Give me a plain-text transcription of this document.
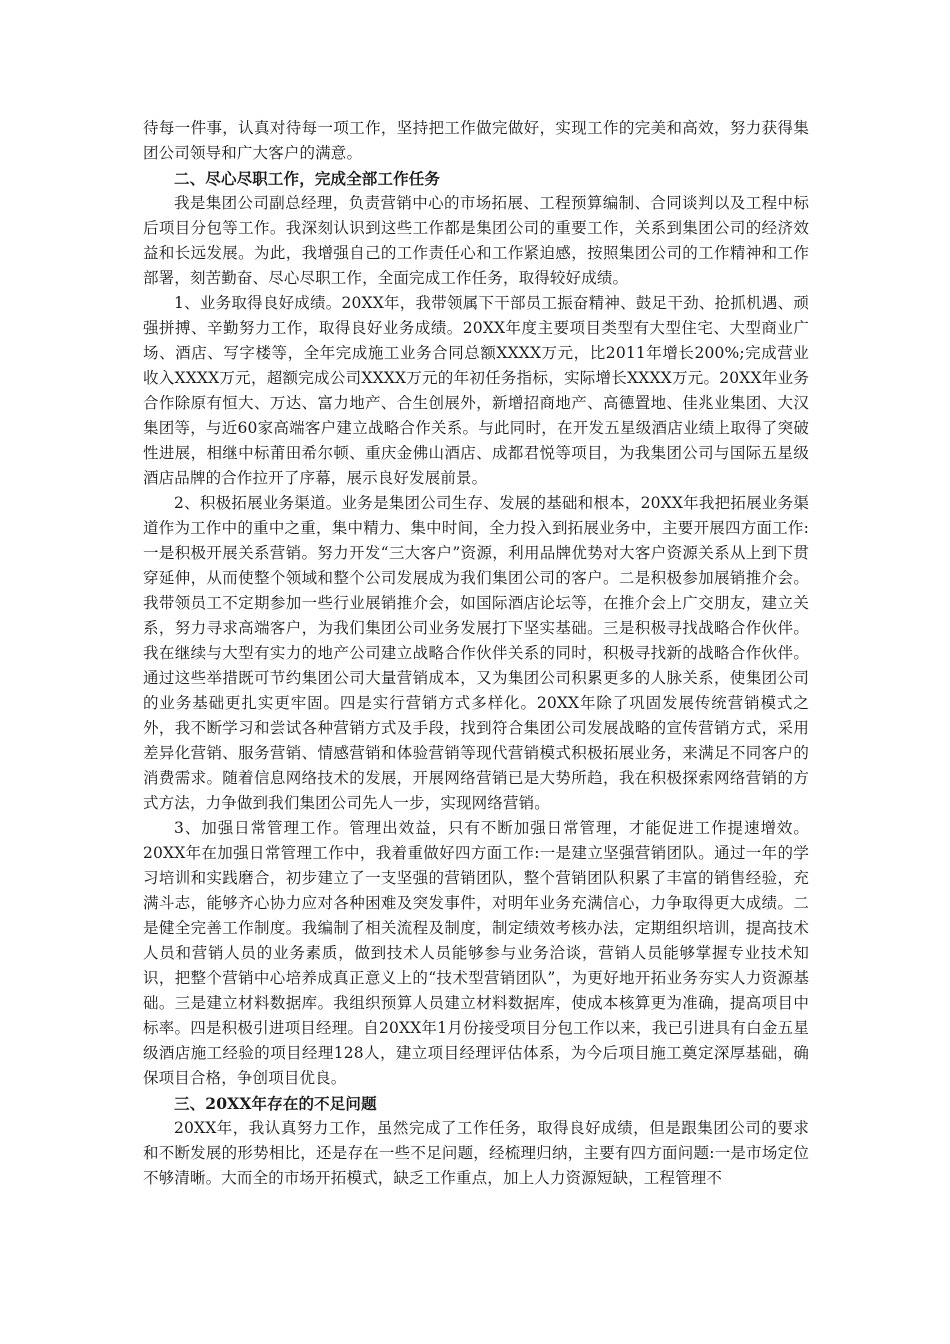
待每一件事，认真对待每一项工作，坚持把工作做完做好，实现工作的完美和高效，努力获得集团公司领导和广大客户的满意。

二、尽心尽职工作，完成全部工作任务

我是集团公司副总经理，负责营销中心的市场拓展、工程预算编制、合同谈判以及工程中标后项目分包等工作。我深刻认识到这些工作都是集团公司的重要工作，关系到集团公司的经济效益和长远发展。为此，我增强自己的工作责任心和工作紧迫感，按照集团公司的工作精神和工作部署，刻苦勤奋、尽心尽职工作，全面完成工作任务，取得较好成绩。

1、业务取得良好成绩。20XX年，我带领属下干部员工振奋精神、鼓足干劲、抢抓机遇、顽强拼搏、辛勤努力工作，取得良好业务成绩。20XX年度主要项目类型有大型住宅、大型商业广场、酒店、写字楼等，全年完成施工业务合同总额XXXX万元，比2011年增长200%;完成营业收入XXXX万元，超额完成公司XXXX万元的年初任务指标，实际增长XXXX万元。20XX年业务合作除原有恒大、万达、富力地产、合生创展外，新增招商地产、高德置地、佳兆业集团、大汉集团等，与近60家高端客户建立战略合作关系。与此同时，在开发五星级酒店业绩上取得了突破性进展，相继中标莆田希尔顿、重庆金佛山酒店、成都君悦等项目，为我集团公司与国际五星级酒店品牌的合作拉开了序幕，展示良好发展前景。

2、积极拓展业务渠道。业务是集团公司生存、发展的基础和根本，20XX年我把拓展业务渠道作为工作中的重中之重，集中精力、集中时间，全力投入到拓展业务中，主要开展四方面工作:一是积极开展关系营销。努力开发“三大客户”资源，利用品牌优势对大客户资源关系从上到下贯穿延伸，从而使整个领域和整个公司发展成为我们集团公司的客户。二是积极参加展销推介会。我带领员工不定期参加一些行业展销推介会，如国际酒店论坛等，在推介会上广交朋友，建立关系，努力寻求高端客户，为我们集团公司业务发展打下坚实基础。三是积极寻找战略合作伙伴。我在继续与大型有实力的地产公司建立战略合作伙伴关系的同时，积极寻找新的战略合作伙伴。通过这些举措既可节约集团公司大量营销成本，又为集团公司积累更多的人脉关系，使集团公司的业务基础更扎实更牢固。四是实行营销方式多样化。20XX年除了巩固发展传统营销模式之外，我不断学习和尝试各种营销方式及手段，找到符合集团公司发展战略的宣传营销方式，采用差异化营销、服务营销、情感营销和体验营销等现代营销模式积极拓展业务，来满足不同客户的消费需求。随着信息网络技术的发展，开展网络营销已是大势所趋，我在积极探索网络营销的方式方法，力争做到我们集团公司先人一步，实现网络营销。

3、加强日常管理工作。管理出效益，只有不断加强日常管理，才能促进工作提速增效。20XX年在加强日常管理工作中，我着重做好四方面工作:一是建立坚强营销团队。通过一年的学习培训和实践磨合，初步建立了一支坚强的营销团队，整个营销团队积累了丰富的销售经验，充满斗志，能够齐心协力应对各种困难及突发事件，对明年业务充满信心，力争取得更大成绩。二是健全完善工作制度。我编制了相关流程及制度，制定绩效考核办法，定期组织培训，提高技术人员和营销人员的业务素质，做到技术人员能够参与业务洽谈，营销人员能够掌握专业技术知识，把整个营销中心培养成真正意义上的“技术型营销团队”，为更好地开拓业务夯实人力资源基础。三是建立材料数据库。我组织预算人员建立材料数据库，使成本核算更为准确，提高项目中标率。四是积极引进项目经理。自20XX年1月份接受项目分包工作以来，我已引进具有白金五星级酒店施工经验的项目经理128人，建立项目经理评估体系，为今后项目施工奠定深厚基础，确保项目合格，争创项目优良。

三、20XX年存在的不足问题

20XX年，我认真努力工作，虽然完成了工作任务，取得良好成绩，但是跟集团公司的要求和不断发展的形势相比，还是存在一些不足问题，经梳理归纳，主要有四方面问题:一是市场定位不够清晰。大而全的市场开拓模式，缺乏工作重点，加上人力资源短缺，工程管理不
